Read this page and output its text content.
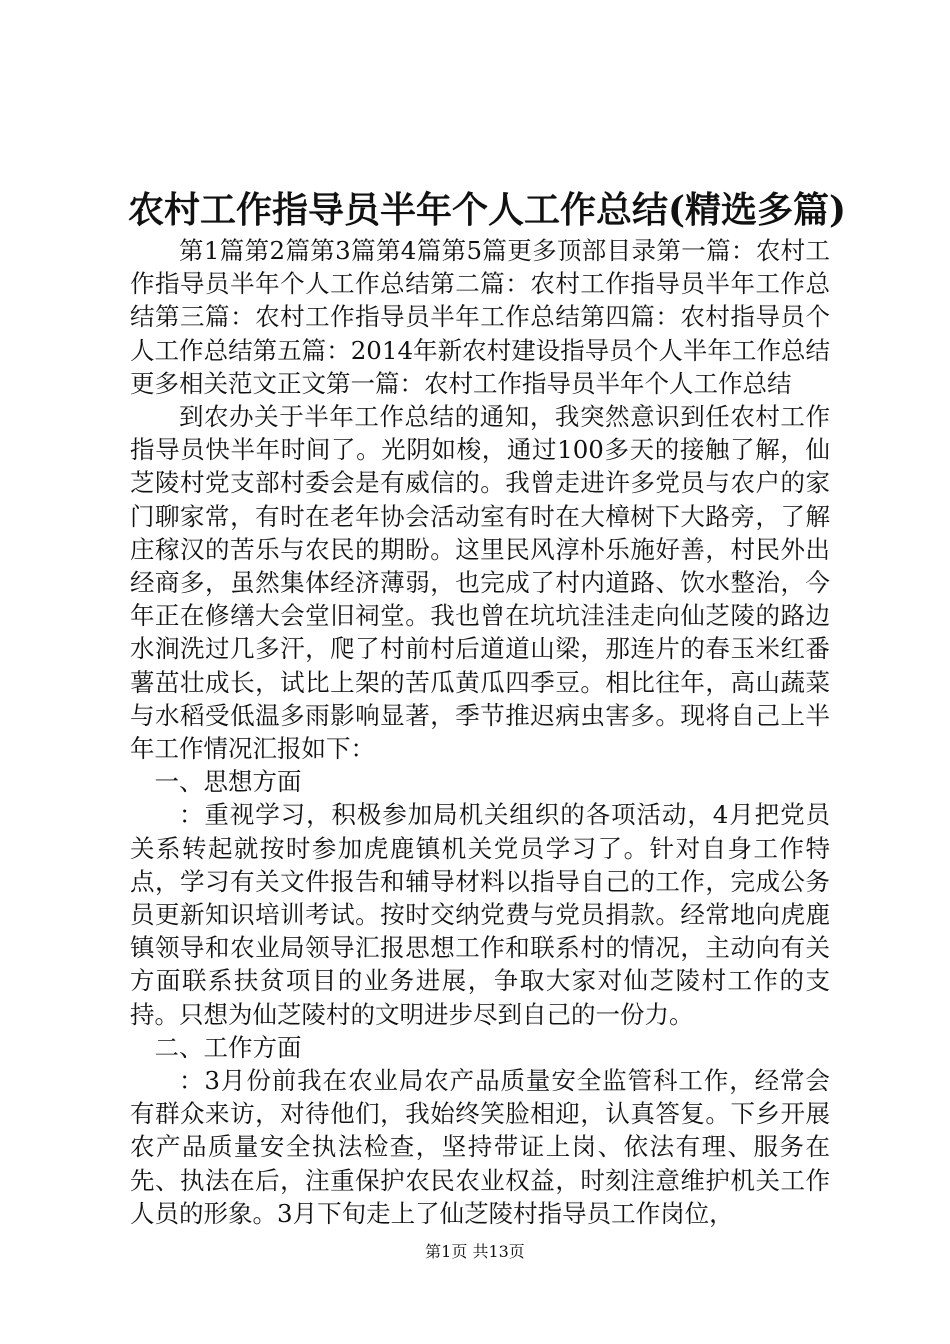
农村工作指导员半年个人工作总结(精选多篇)

第1篇第2篇第3篇第4篇第5篇更多顶部目录第一篇：农村工作指导员半年个人工作总结第二篇：农村工作指导员半年工作总结第三篇：农村工作指导员半年工作总结第四篇：农村指导员个人工作总结第五篇：2014年新农村建设指导员个人半年工作总结更多相关范文正文第一篇：农村工作指导员半年个人工作总结

到农办关于半年工作总结的通知，我突然意识到任农村工作指导员快半年时间了。光阴如梭，通过100多天的接触了解，仙芝陵村党支部村委会是有威信的。我曾走进许多党员与农户的家门聊家常，有时在老年协会活动室有时在大樟树下大路旁，了解庄稼汉的苦乐与农民的期盼。这里民风淳朴乐施好善，村民外出经商多，虽然集体经济薄弱，也完成了村内道路、饮水整治，今年正在修缮大会堂旧祠堂。我也曾在坑坑洼洼走向仙芝陵的路边水涧洗过几多汗，爬了村前村后道道山梁，那连片的春玉米红番薯茁壮成长，试比上架的苦瓜黄瓜四季豆。相比往年，高山蔬菜与水稻受低温多雨影响显著，季节推迟病虫害多。现将自己上半年工作情况汇报如下：

一、思想方面

：重视学习，积极参加局机关组织的各项活动，4月把党员关系转起就按时参加虎鹿镇机关党员学习了。针对自身工作特点，学习有关文件报告和辅导材料以指导自己的工作，完成公务员更新知识培训考试。按时交纳党费与党员捐款。经常地向虎鹿镇领导和农业局领导汇报思想工作和联系村的情况，主动向有关方面联系扶贫项目的业务进展，争取大家对仙芝陵村工作的支持。只想为仙芝陵村的文明进步尽到自己的一份力。

二、工作方面

：3月份前我在农业局农产品质量安全监管科工作，经常会有群众来访，对待他们，我始终笑脸相迎，认真答复。下乡开展农产品质量安全执法检查，坚持带证上岗、依法有理、服务在先、执法在后，注重保护农民农业权益，时刻注意维护机关工作人员的形象。3月下旬走上了仙芝陵村指导员工作岗位，

第1页 共13页
